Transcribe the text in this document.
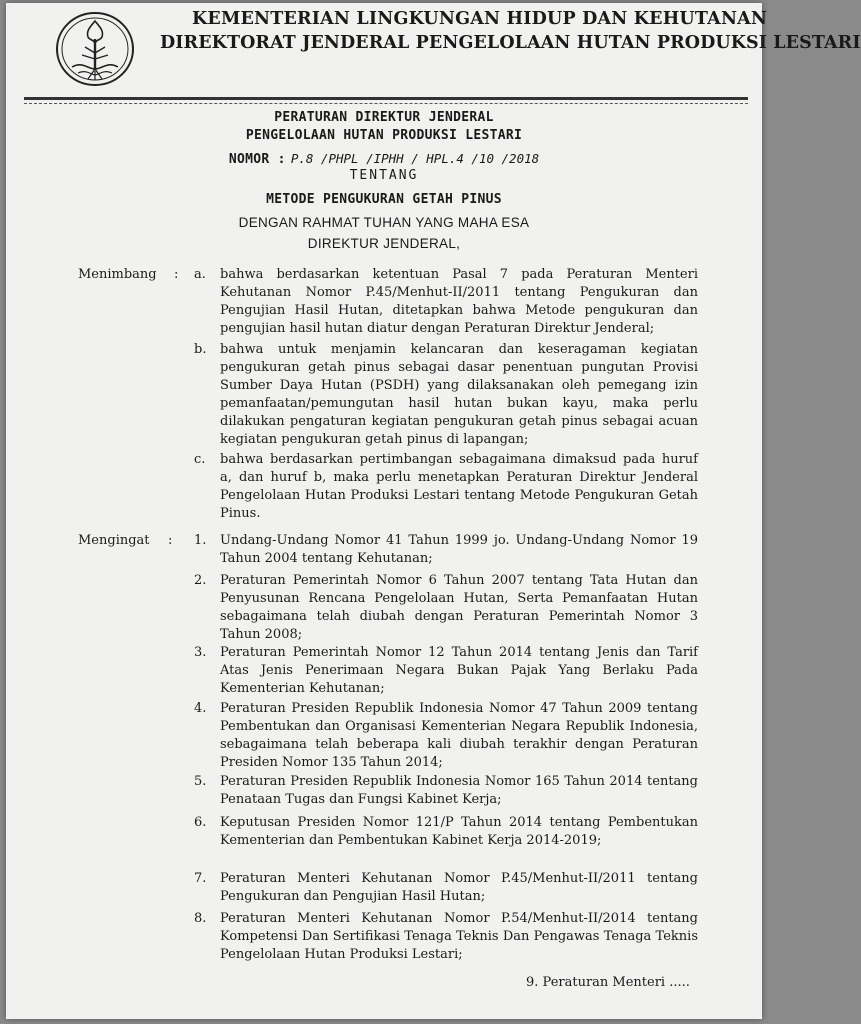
KEMENTERIAN LINGKUNGAN HIDUP DAN KEHUTANAN
DIREKTORAT JENDERAL PENGELOLAAN HUTAN PRODUKSI LESTARI
PERATURAN DIREKTUR JENDERAL
PENGELOLAAN HUTAN PRODUKSI LESTARI
NOMOR : P.8 /PHPL /IPHH / HPL.4 /10 /2018
TENTANG
METODE PENGUKURAN GETAH PINUS
DENGAN RAHMAT TUHAN YANG MAHA ESA
DIREKTUR JENDERAL,
Menimbang : a. bahwa berdasarkan ketentuan Pasal 7 pada Peraturan Menteri Kehutanan Nomor P.45/Menhut-II/2011 tentang Pengukuran dan Pengujian Hasil Hutan, ditetapkan bahwa Metode pengukuran dan pengujian hasil hutan diatur dengan Peraturan Direktur Jenderal;
b. bahwa untuk menjamin kelancaran dan keseragaman kegiatan pengukuran getah pinus sebagai dasar penentuan pungutan Provisi Sumber Daya Hutan (PSDH) yang dilaksanakan oleh pemegang izin pemanfaatan/pemungutan hasil hutan bukan kayu, maka perlu dilakukan pengaturan kegiatan pengukuran getah pinus sebagai acuan kegiatan pengukuran getah pinus di lapangan;
c. bahwa berdasarkan pertimbangan sebagaimana dimaksud pada huruf a, dan huruf b, maka perlu menetapkan Peraturan Direktur Jenderal Pengelolaan Hutan Produksi Lestari tentang Metode Pengukuran Getah Pinus.
Mengingat : 1. Undang-Undang Nomor 41 Tahun 1999 jo. Undang-Undang Nomor 19 Tahun 2004 tentang Kehutanan;
2. Peraturan Pemerintah Nomor 6 Tahun 2007 tentang Tata Hutan dan Penyusunan Rencana Pengelolaan Hutan, Serta Pemanfaatan Hutan sebagaimana telah diubah dengan Peraturan Pemerintah Nomor 3 Tahun 2008;
3. Peraturan Pemerintah Nomor 12 Tahun 2014 tentang Jenis dan Tarif Atas Jenis Penerimaan Negara Bukan Pajak Yang Berlaku Pada Kementerian Kehutanan;
4. Peraturan Presiden Republik Indonesia Nomor 47 Tahun 2009 tentang Pembentukan dan Organisasi Kementerian Negara Republik Indonesia, sebagaimana telah beberapa kali diubah terakhir dengan Peraturan Presiden Nomor 135 Tahun 2014;
5. Peraturan Presiden Republik Indonesia Nomor 165 Tahun 2014 tentang Penataan Tugas dan Fungsi Kabinet Kerja;
6. Keputusan Presiden Nomor 121/P Tahun 2014 tentang Pembentukan Kementerian dan Pembentukan Kabinet Kerja 2014-2019;
7. Peraturan Menteri Kehutanan Nomor P.45/Menhut-II/2011 tentang Pengukuran dan Pengujian Hasil Hutan;
8. Peraturan Menteri Kehutanan Nomor P.54/Menhut-II/2014 tentang Kompetensi Dan Sertifikasi Tenaga Teknis Dan Pengawas Tenaga Teknis Pengelolaan Hutan Produksi Lestari;
9. Peraturan Menteri .....
